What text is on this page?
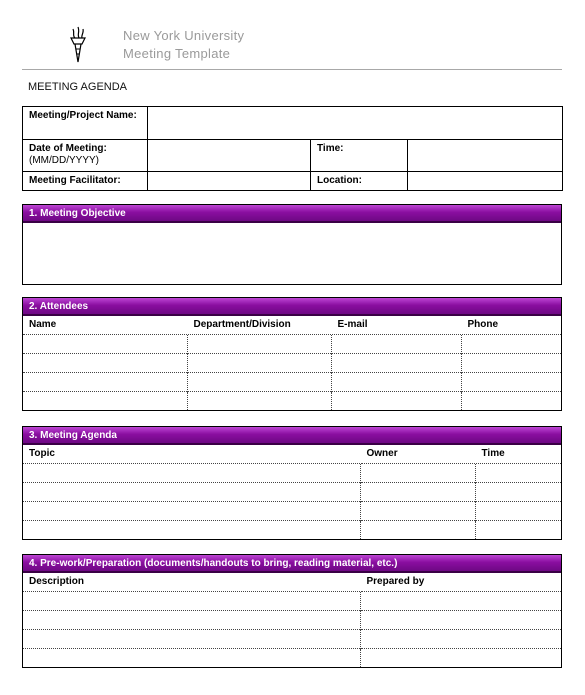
New York University
Meeting Template
MEETING AGENDA
Meeting/Project Name:			

Date of Meeting:
(MM/DD/YYYY)		Time:	
Meeting Facilitator:		Location:	
1. Meeting Objective
2. Attendees
Name	Department/Division	E-mail	Phone

3. Meeting Agenda
Topic	Owner	Time

4. Pre-work/Preparation (documents/handouts to bring, reading material, etc.)
Description	Prepared by
